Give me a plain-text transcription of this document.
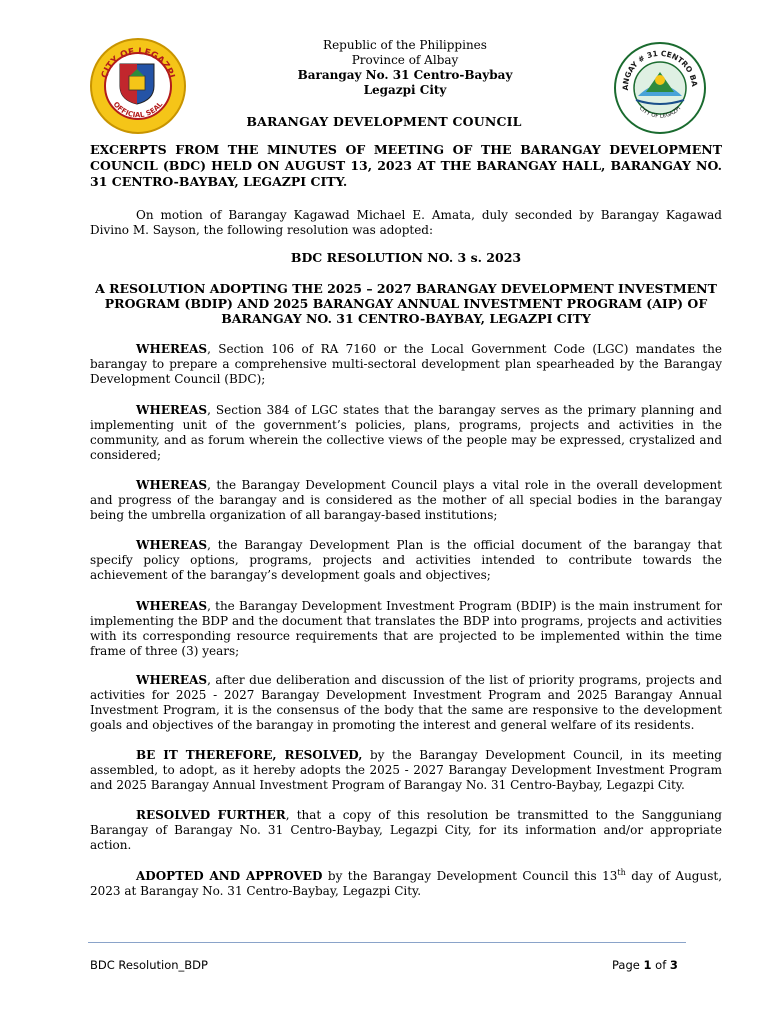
CITY OF LEGAZPI
OFFICIAL SEAL
Republic of the Philippines
Province of Albay
Barangay No. 31 Centro-Baybay
Legazpi City	ANGAY # 31 CENTRO BA
CITY OF LEGAZPI
BARANGAY DEVELOPMENT COUNCIL
EXCERPTS FROM THE MINUTES OF MEETING OF THE BARANGAY DEVELOPMENT COUNCIL (BDC) HELD ON AUGUST 13, 2023 AT THE BARANGAY HALL, BARANGAY NO. 31 CENTRO-BAYBAY, LEGAZPI CITY.
On motion of Barangay Kagawad Michael E. Amata, duly seconded by Barangay Kagawad Divino M. Sayson, the following resolution was adopted:
BDC RESOLUTION NO. 3 s. 2023
A RESOLUTION ADOPTING THE 2025 – 2027 BARANGAY DEVELOPMENT INVESTMENT PROGRAM (BDIP) AND 2025 BARANGAY ANNUAL INVESTMENT PROGRAM (AIP) OF BARANGAY NO. 31 CENTRO-BAYBAY, LEGAZPI CITY
WHEREAS, Section 106 of RA 7160 or the Local Government Code (LGC) mandates the barangay to prepare a comprehensive multi-sectoral development plan spearheaded by the Barangay Development Council (BDC);
WHEREAS, Section 384 of LGC states that the barangay serves as the primary planning and implementing unit of the government’s policies, plans, programs, projects and activities in the community, and as forum wherein the collective views of the people may be expressed, crystalized and considered;
WHEREAS, the Barangay Development Council plays a vital role in the overall development and progress of the barangay and is considered as the mother of all special bodies in the barangay being the umbrella organization of all barangay-based institutions;
WHEREAS, the Barangay Development Plan is the official document of the barangay that specify policy options, programs, projects and activities intended to contribute towards the achievement of the barangay’s development goals and objectives;
WHEREAS, the Barangay Development Investment Program (BDIP) is the main instrument for implementing the BDP and the document that translates the BDP into programs, projects and activities with its corresponding resource requirements that are projected to be implemented within the time frame of three (3) years;
WHEREAS, after due deliberation and discussion of the list of priority programs, projects and activities for 2025 - 2027 Barangay Development Investment Program and 2025 Barangay Annual Investment Program, it is the consensus of the body that the same are responsive to the development goals and objectives of the barangay in promoting the interest and general welfare of its residents.
BE IT THEREFORE, RESOLVED, by the Barangay Development Council, in its meeting assembled, to adopt, as it hereby adopts the 2025 - 2027 Barangay Development Investment Program and 2025 Barangay Annual Investment Program of Barangay No. 31 Centro-Baybay, Legazpi City.
RESOLVED FURTHER, that a copy of this resolution be transmitted to the Sangguniang Barangay of Barangay No. 31 Centro-Baybay, Legazpi City, for its information and/or appropriate action.
ADOPTED AND APPROVED by the Barangay Development Council this 13th day of August, 2023 at Barangay No. 31 Centro-Baybay, Legazpi City.
BDC Resolution_BDP	Page 1 of 3
